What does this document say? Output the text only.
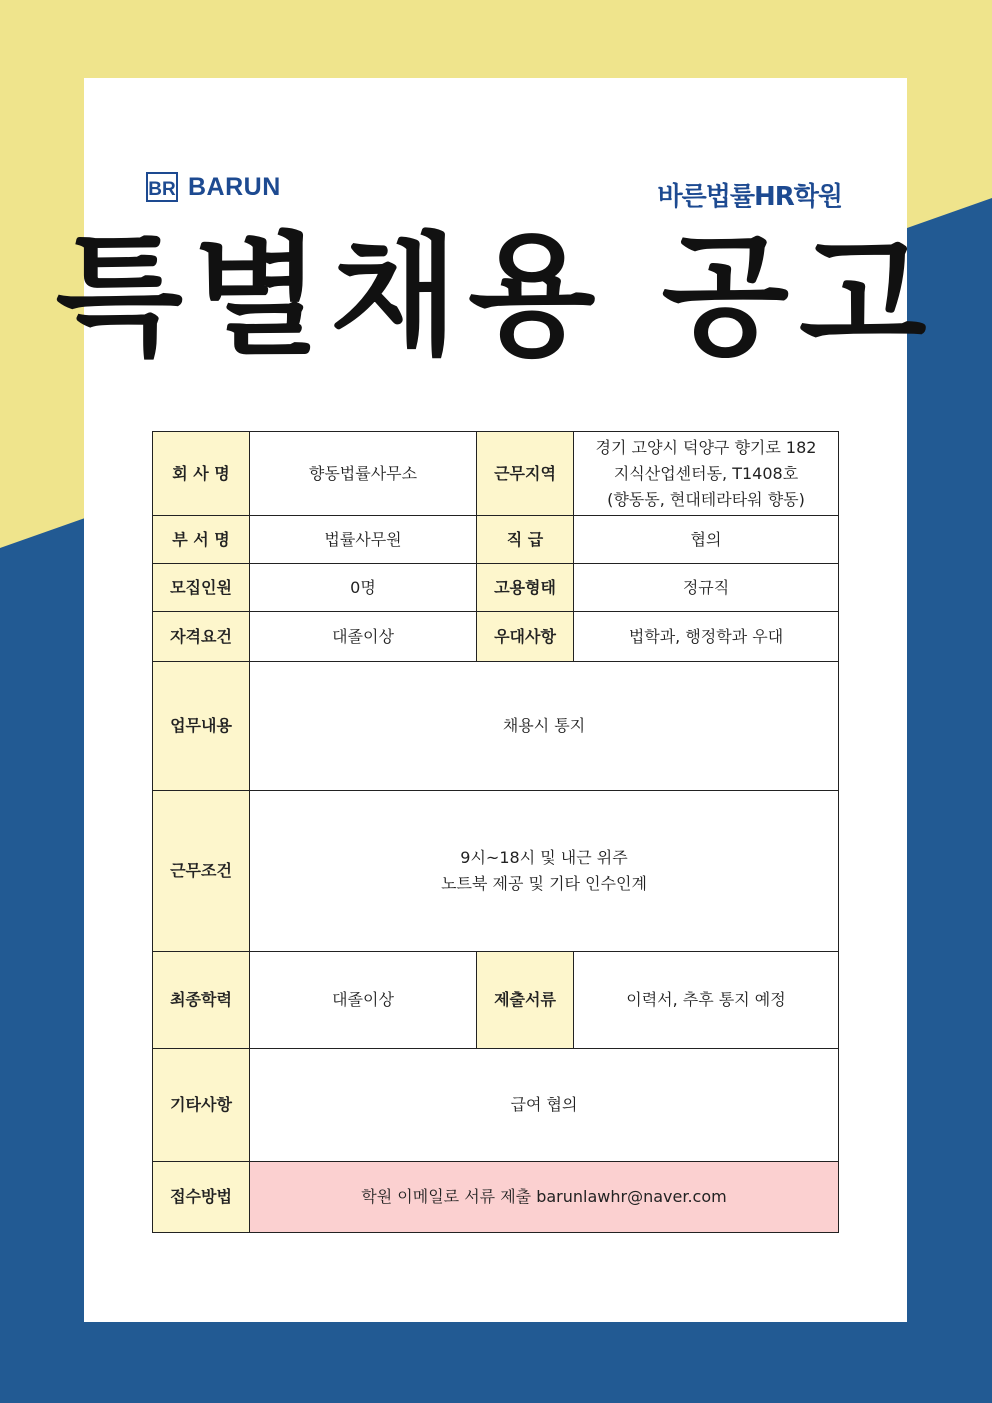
BR BARUN	바른법률HR학원
특별채용 공고
회 사 명	향동법률사무소	근무지역	경기 고양시 덕양구 향기로 182
지식산업센터동, T1408호
(향동동, 현대테라타워 향동)

부 서 명	법률사무원	직 급	협의
모집인원	0명	고용형태	정규직
자격요건	대졸이상	우대사항	법학과, 행정학과 우대
업무내용	채용시 통지		
근무조건	9시~18시 및 내근 위주
노트북 제공 및 기타 인수인계		

최종학력	대졸이상	제출서류	이력서, 추후 통지 예정
기타사항	급여 협의		
접수방법	학원 이메일로 서류 제출 barunlawhr@naver.com		
